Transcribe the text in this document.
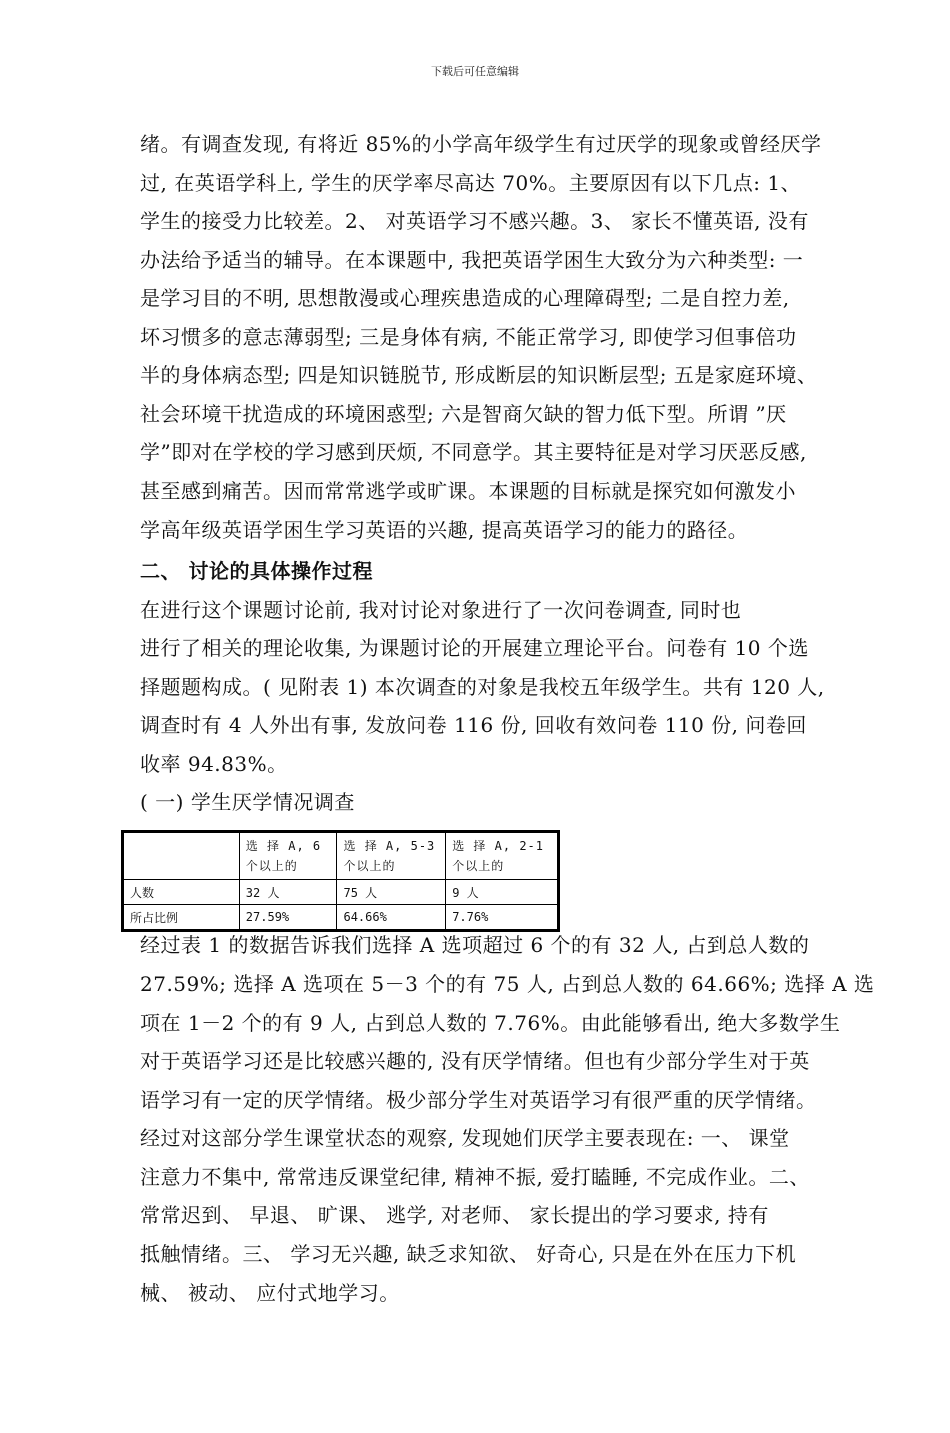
下载后可任意编辑
绪。有调查发现, 有将近 85%的小学高年级学生有过厌学的现象或曾经厌学
过, 在英语学科上, 学生的厌学率尽高达 70%。主要原因有以下几点: 1、
学生的接受力比较差。2、 对英语学习不感兴趣。3、 家长不懂英语, 没有
办法给予适当的辅导。在本课题中, 我把英语学困生大致分为六种类型: 一
是学习目的不明, 思想散漫或心理疾患造成的心理障碍型; 二是自控力差,
坏习惯多的意志薄弱型; 三是身体有病, 不能正常学习, 即使学习但事倍功
半的身体病态型; 四是知识链脱节, 形成断层的知识断层型; 五是家庭环境、
社会环境干扰造成的环境困惑型; 六是智商欠缺的智力低下型。所谓 ”厌
学”即对在学校的学习感到厌烦, 不同意学。其主要特征是对学习厌恶反感,
甚至感到痛苦。因而常常逃学或旷课。本课题的目标就是探究如何激发小
学高年级英语学困生学习英语的兴趣, 提高英语学习的能力的路径。
二、 讨论的具体操作过程
在进行这个课题讨论前, 我对讨论对象进行了一次问卷调查, 同时也
进行了相关的理论收集, 为课题讨论的开展建立理论平台。问卷有 10 个选
择题题构成。( 见附表 1) 本次调查的对象是我校五年级学生。共有 120 人,
调查时有 4 人外出有事, 发放问卷 116 份, 回收有效问卷 110 份, 问卷回
收率 94.83%。
( 一) 学生厌学情况调查
	选 择 A, 6 个以上的	选 择 A, 5-3 个以上的	选 择 A, 2-1 个以上的
人数	32 人	75 人	9 人
所占比例	27.59%	64.66%	7.76%
经过表 1 的数据告诉我们选择 A 选项超过 6 个的有 32 人, 占到总人数的
27.59%; 选择 A 选项在 5－3 个的有 75 人, 占到总人数的 64.66%; 选择 A 选
项在 1－2 个的有 9 人, 占到总人数的 7.76%。由此能够看出, 绝大多数学生
对于英语学习还是比较感兴趣的, 没有厌学情绪。但也有少部分学生对于英
语学习有一定的厌学情绪。极少部分学生对英语学习有很严重的厌学情绪。
经过对这部分学生课堂状态的观察, 发现她们厌学主要表现在: 一、 课堂
注意力不集中, 常常违反课堂纪律, 精神不振, 爱打瞌睡, 不完成作业。二、
常常迟到、 早退、 旷课、 逃学, 对老师、 家长提出的学习要求, 持有
抵触情绪。三、 学习无兴趣, 缺乏求知欲、 好奇心, 只是在外在压力下机
械、 被动、 应付式地学习。
